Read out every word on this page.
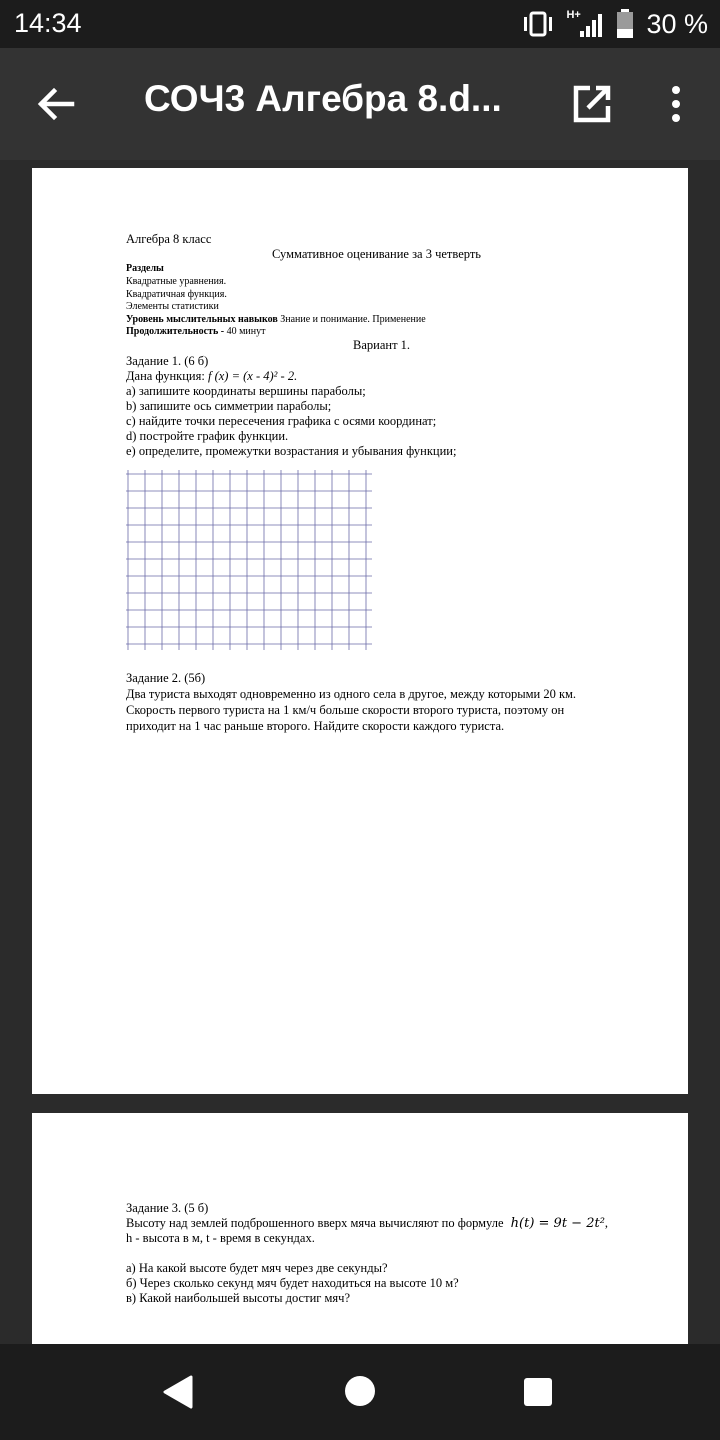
14:34	H+ 30 %
СОЧ3 Алгебра 8.d...
Алгебра 8 класс
Суммативное оценивание за 3 четверть
Разделы
Квадратные уравнения.
Квадратичная функция.
Элементы статистики
Уровень мыслительных навыков Знание и понимание. Применение
Продолжительность - 40 минут
Вариант 1.
Задание 1. (6 б)
Дана функция: f (x) = (x - 4)² - 2.
a) запишите координаты вершины параболы;
b) запишите ось симметрии параболы;
c) найдите точки пересечения графика с осями координат;
d) постройте график функции.
e) определите, промежутки возрастания и убывания функции;
Задание 2. (5б)
Два туриста выходят одновременно из одного села в другое, между которыми 20 км.
Скорость первого туриста на 1 км/ч больше скорости второго туриста, поэтому он
приходит на 1 час раньше второго. Найдите скорости каждого туриста.
Задание 3. (5 б)
Высоту над землей подброшенного вверх мяча вычисляют по формуле h(t) = 9t − 2t²,
h - высота в м, t - время в секундах.
а) На какой высоте будет мяч через две секунды?
б) Через сколько секунд мяч будет находиться на высоте 10 м?
в) Какой наибольшей высоты достиг мяч?
